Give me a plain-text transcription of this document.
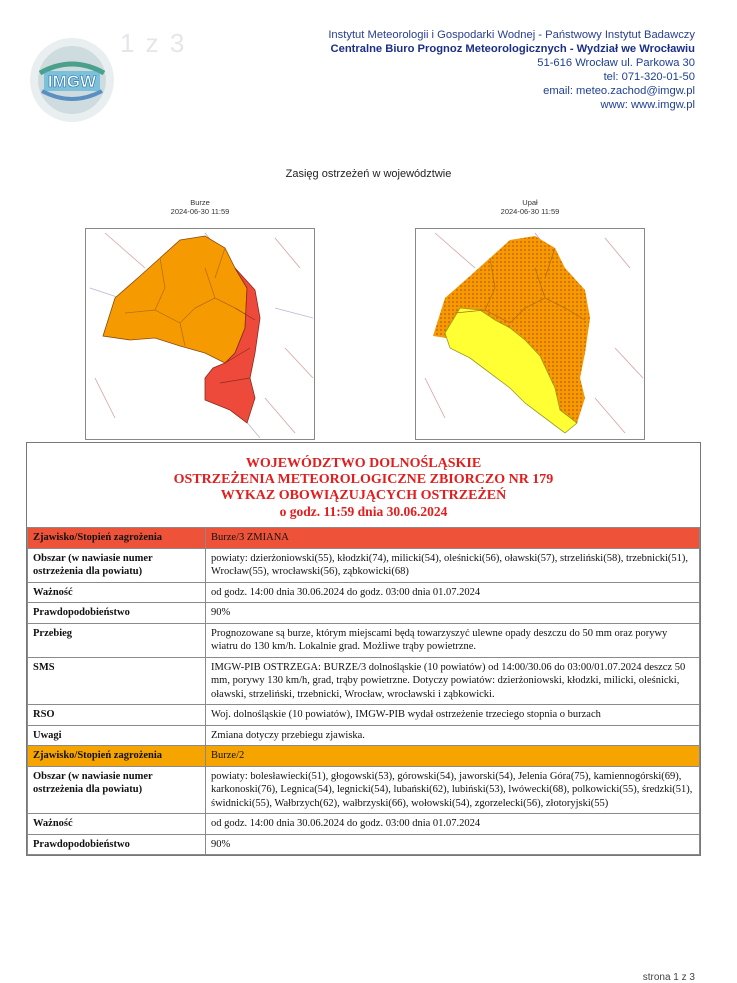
IMGW
1 z 3	Instytut Meteorologii i Gospodarki Wodnej - Państwowy Instytut Badawczy
Centralne Biuro Prognoz Meteorologicznych - Wydział we Wrocławiu
51-616 Wrocław ul. Parkowa 30
tel: 071-320-01-50
email: meteo.zachod@imgw.pl
www: www.imgw.pl
Zasięg ostrzeżeń w województwie
Burze
2024-06-30 11:59
Upał
2024-06-30 11:59
WOJEWÓDZTWO DOLNOŚLĄSKIE
OSTRZEŻENIA METEOROLOGICZNE ZBIORCZO NR 179
WYKAZ OBOWIĄZUJĄCYCH OSTRZEŻEŃ
o godz. 11:59 dnia 30.06.2024
Zjawisko/Stopień zagrożenia	Burze/3 ZMIANA
Obszar (w nawiasie numer ostrzeżenia dla powiatu)	powiaty: dzierżoniowski(55), kłodzki(74), milicki(54), oleśnicki(56), oławski(57), strzeliński(58), trzebnicki(51), Wrocław(55), wrocławski(56), ząbkowicki(68)
Ważność	od godz. 14:00 dnia 30.06.2024 do godz. 03:00 dnia 01.07.2024
Prawdopodobieństwo	90%
Przebieg	Prognozowane są burze, którym miejscami będą towarzyszyć ulewne opady deszczu do 50 mm oraz porywy wiatru do 130 km/h. Lokalnie grad. Możliwe trąby powietrzne.
SMS	IMGW-PIB OSTRZEGA: BURZE/3 dolnośląskie (10 powiatów) od 14:00/30.06 do 03:00/01.07.2024 deszcz 50 mm, porywy 130 km/h, grad, trąby powietrzne. Dotyczy powiatów: dzierżoniowski, kłodzki, milicki, oleśnicki, oławski, strzeliński, trzebnicki, Wrocław, wrocławski i ząbkowicki.
RSO	Woj. dolnośląskie (10 powiatów), IMGW-PIB wydał ostrzeżenie trzeciego stopnia o burzach
Uwagi	Zmiana dotyczy przebiegu zjawiska.
Zjawisko/Stopień zagrożenia	Burze/2
Obszar (w nawiasie numer ostrzeżenia dla powiatu)	powiaty: bolesławiecki(51), głogowski(53), górowski(54), jaworski(54), Jelenia Góra(75), kamiennogórski(69), karkonoski(76), Legnica(54), legnicki(54), lubański(62), lubiński(53), lwówecki(68), polkowicki(55), średzki(51), świdnicki(55), Wałbrzych(62), wałbrzyski(66), wołowski(54), zgorzelecki(56), złotoryjski(55)
Ważność	od godz. 14:00 dnia 30.06.2024 do godz. 03:00 dnia 01.07.2024
Prawdopodobieństwo	90%
strona 1 z 3
